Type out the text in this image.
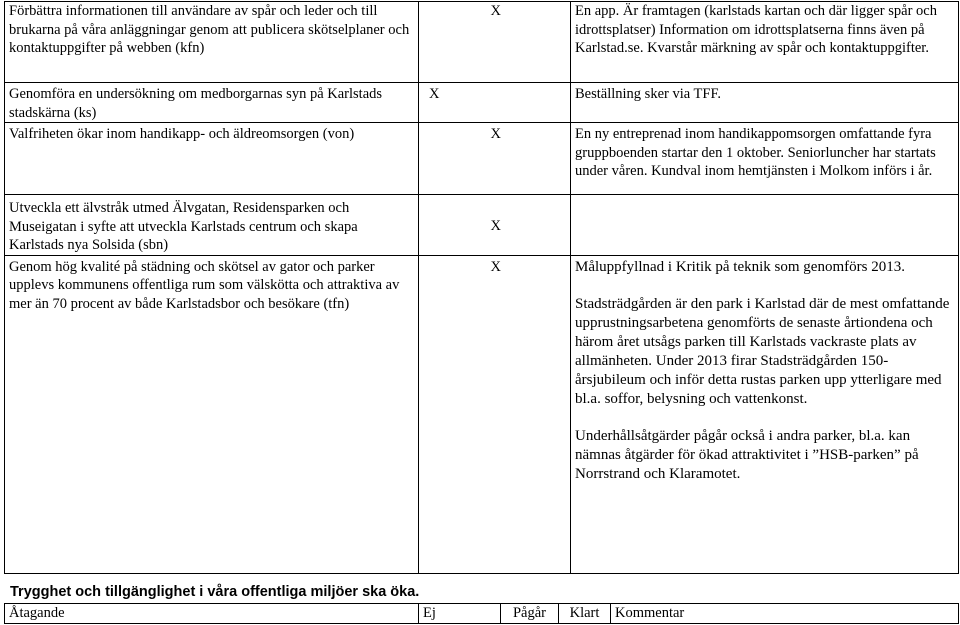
Förbättra informationen till användare av spår och leder och till brukarna på våra anläggningar genom att publicera skötselplaner och kontaktuppgifter på webben (kfn)		X		En app. Är framtagen (karlstads kartan och där ligger spår och idrottsplatser) Information om idrottsplatserna finns även på Karlstad.se. Kvarstår märkning av spår och kontaktuppgifter.
Genomföra en undersökning om medborgarnas syn på Karlstads stadskärna (ks)	X			Beställning sker via TFF.
Valfriheten ökar inom handikapp- och äldreomsorgen (von)		X		En ny entreprenad inom handikappomsorgen omfattande fyra gruppboenden startar den 1 oktober. Seniorluncher har startats under våren. Kundval inom hemtjänsten i Molkom införs i år.
Utveckla ett älvstråk utmed Älvgatan, Residensparken och Museigatan i syfte att utveckla Karlstads centrum och skapa Karlstads nya Solsida (sbn)		X		
Genom hög kvalité på städning och skötsel av gator och parker upplevs kommunens offentliga rum som välskötta och attraktiva av mer än 70 procent av både Karlstadsbor och besökare (tfn)		X		Måluppfyllnad i Kritik på teknik som genomförs 2013.
Stadsträdgården är den park i Karlstad där de mest omfattande upprustningsarbetena genomförts de senaste årtiondena och härom året utsågs parken till Karlstads vackraste plats av allmänheten. Under 2013 firar Stadsträdgården 150-årsjubileum och inför detta rustas parken upp ytterligare med bl.a. soffor, belysning och vattenkonst.
Underhållsåtgärder pågår också i andra parker, bl.a. kan nämnas åtgärder för ökad attraktivitet i ”HSB-parken” på Norrstrand och Klaramotet.
Trygghet och tillgänglighet i våra offentliga miljöer ska öka.
Åtagande	Ej	Pågår	Klart	Kommentar
